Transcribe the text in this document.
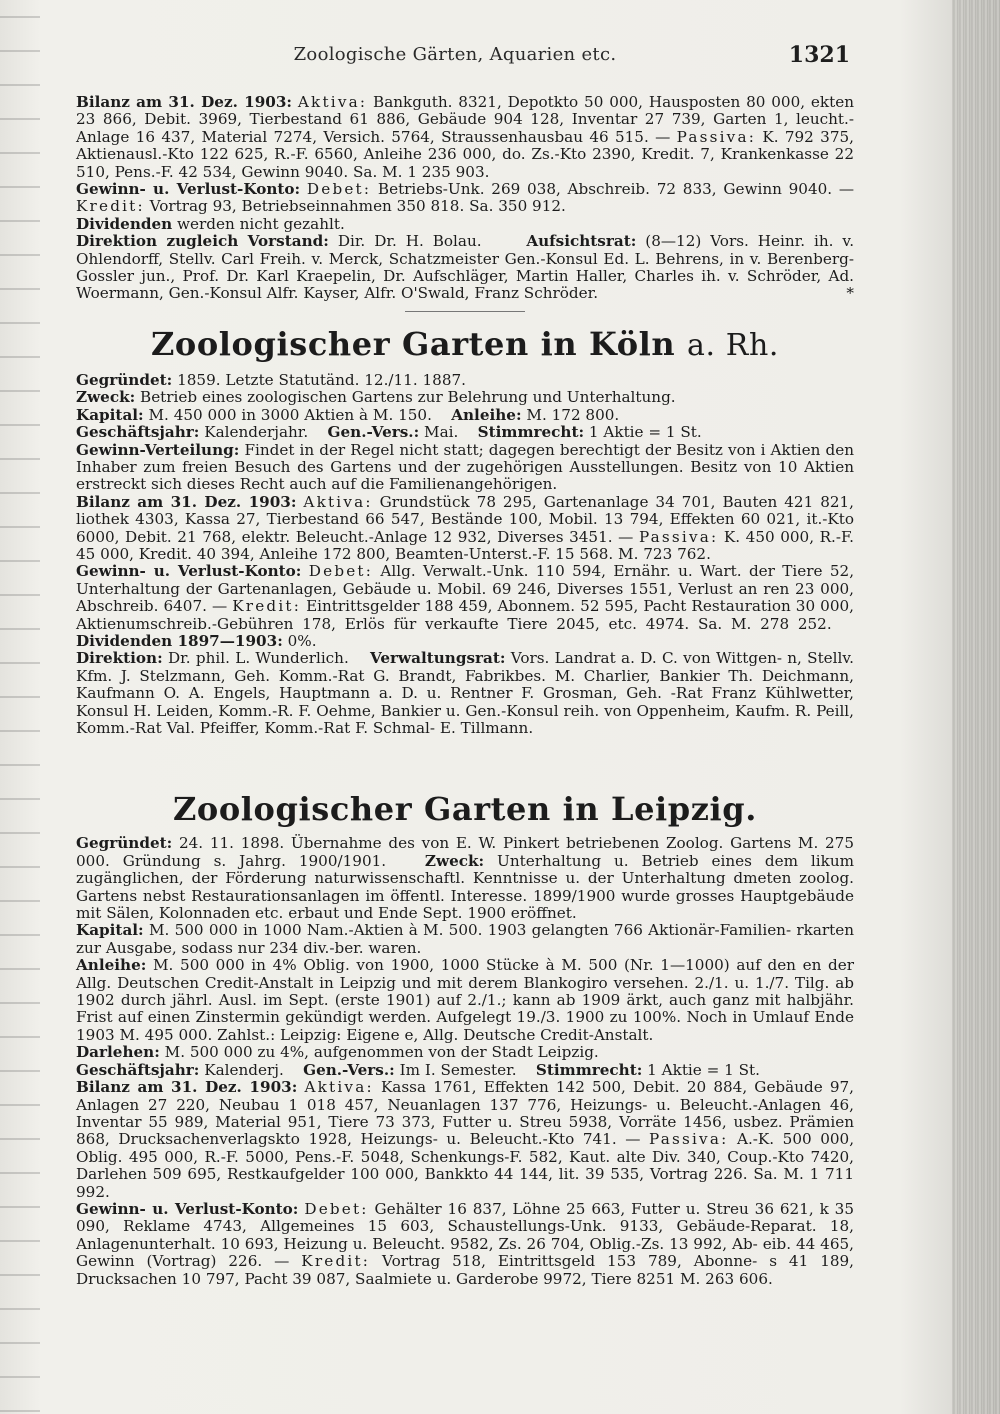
Zoologische Gärten, Aquarien etc.	1321

Bilanz am 31. Dez. 1903: Aktiva: Bankguth. 8321, Depotkto 50 000, Hausposten 80 000, ekten 23 866, Debit. 3969, Tierbestand 61 886, Gebäude 904 128, Inventar 27 739, Garten 1, leucht.-Anlage 16 437, Material 7274, Versich. 5764, Straussenhausbau 46 515. — Passiva: K. 792 375, Aktienausl.-Kto 122 625, R.-F. 6560, Anleihe 236 000, do. Zs.-Kto 2390, Kredit. 7, Krankenkasse 22 510, Pens.-F. 42 534, Gewinn 9040. Sa. M. 1 235 903.

Gewinn- u. Verlust-Konto: Debet: Betriebs-Unk. 269 038, Abschreib. 72 833, Gewinn 9040. — Kredit: Vortrag 93, Betriebseinnahmen 350 818. Sa. 350 912.

Dividenden werden nicht gezahlt.

Direktion zugleich Vorstand: Dir. Dr. H. Bolau.	Aufsichtsrat: (8—12) Vors. Heinr. ih. v. Ohlendorff, Stellv. Carl Freih. v. Merck, Schatzmeister Gen.-Konsul Ed. L. Behrens, in v. Berenberg-Gossler jun., Prof. Dr. Karl Kraepelin, Dr. Aufschläger, Martin Haller, Charles ih. v. Schröder, Ad. Woermann, Gen.-Konsul Alfr. Kayser, Alfr. O'Swald, Franz Schröder.	*

Zoologischer Garten in Köln a. Rh.

Gegründet: 1859. Letzte Statutänd. 12./11. 1887.

Zweck: Betrieb eines zoologischen Gartens zur Belehrung und Unterhaltung.

Kapital: M. 450 000 in 3000 Aktien à M. 150. Anleihe: M. 172 800.

Geschäftsjahr: Kalenderjahr. Gen.-Vers.: Mai. Stimmrecht: 1 Aktie = 1 St.

Gewinn-Verteilung: Findet in der Regel nicht statt; dagegen berechtigt der Besitz von i Aktien den Inhaber zum freien Besuch des Gartens und der zugehörigen Ausstellungen. Besitz von 10 Aktien erstreckt sich dieses Recht auch auf die Familienangehörigen.

Bilanz am 31. Dez. 1903: Aktiva: Grundstück 78 295, Gartenanlage 34 701, Bauten 421 821, liothek 4303, Kassa 27, Tierbestand 66 547, Bestände 100, Mobil. 13 794, Effekten 60 021, it.-Kto 6000, Debit. 21 768, elektr. Beleucht.-Anlage 12 932, Diverses 3451. — Passiva: K. 450 000, R.-F. 45 000, Kredit. 40 394, Anleihe 172 800, Beamten-Unterst.-F. 15 568. M. 723 762.

Gewinn- u. Verlust-Konto: Debet: Allg. Verwalt.-Unk. 110 594, Ernähr. u. Wart. der Tiere 52, Unterhaltung der Gartenanlagen, Gebäude u. Mobil. 69 246, Diverses 1551, Verlust an ren 23 000, Abschreib. 6407. — Kredit: Eintrittsgelder 188 459, Abonnem. 52 595, Pacht Restauration 30 000, Aktienumschreib.-Gebühren 178, Erlös für verkaufte Tiere 2045, etc. 4974. Sa. M. 278 252.    Dividenden 1897—1903: 0%.

Direktion: Dr. phil. L. Wunderlich. Verwaltungsrat: Vors. Landrat a. D. C. von Wittgen- n, Stellv. Kfm. J. Stelzmann, Geh. Komm.-Rat G. Brandt, Fabrikbes. M. Charlier, Bankier Th. Deichmann, Kaufmann O. A. Engels, Hauptmann a. D. u. Rentner F. Grosman, Geh. -Rat Franz Kühlwetter, Konsul H. Leiden, Komm.-R. F. Oehme, Bankier u. Gen.-Konsul reih. von Oppenheim, Kaufm. R. Peill, Komm.-Rat Val. Pfeiffer, Komm.-Rat F. Schmal- E. Tillmann.

Zoologischer Garten in Leipzig.

Gegründet: 24. 11. 1898. Übernahme des von E. W. Pinkert betriebenen Zoolog. Gartens M. 275 000. Gründung s. Jahrg. 1900/1901.	Zweck: Unterhaltung u. Betrieb eines dem likum zugänglichen, der Förderung naturwissenschaftl. Kenntnisse u. der Unterhaltung dmeten zoolog. Gartens nebst Restaurationsanlagen im öffentl. Interesse. 1899/1900 wurde grosses Hauptgebäude mit Sälen, Kolonnaden etc. erbaut und Ende Sept. 1900 eröffnet.

Kapital: M. 500 000 in 1000 Nam.-Aktien à M. 500. 1903 gelangten 766 Aktionär-Familien- rkarten zur Ausgabe, sodass nur 234 div.-ber. waren.

Anleihe: M. 500 000 in 4% Oblig. von 1900, 1000 Stücke à M. 500 (Nr. 1—1000) auf den en der Allg. Deutschen Credit-Anstalt in Leipzig und mit derem Blankogiro versehen. 2./1. u. 1./7. Tilg. ab 1902 durch jährl. Ausl. im Sept. (erste 1901) auf 2./1.; kann ab 1909 ärkt, auch ganz mit halbjähr. Frist auf einen Zinstermin gekündigt werden. Aufgelegt 19./3. 1900 zu 100%. Noch in Umlauf Ende 1903 M. 495 000. Zahlst.: Leipzig: Eigene e, Allg. Deutsche Credit-Anstalt.

Darlehen: M. 500 000 zu 4%, aufgenommen von der Stadt Leipzig.

Geschäftsjahr: Kalenderj. Gen.-Vers.: Im I. Semester. Stimmrecht: 1 Aktie = 1 St.

Bilanz am 31. Dez. 1903: Aktiva: Kassa 1761, Effekten 142 500, Debit. 20 884, Gebäude 97, Anlagen 27 220, Neubau 1 018 457, Neuanlagen 137 776, Heizungs- u. Beleucht.-Anlagen 46, Inventar 55 989, Material 951, Tiere 73 373, Futter u. Streu 5938, Vorräte 1456, usbez. Prämien 868, Drucksachenverlagskto 1928, Heizungs- u. Beleucht.-Kto 741. — Passiva: A.-K. 500 000, Oblig. 495 000, R.-F. 5000, Pens.-F. 5048, Schenkungs-F. 582, Kaut. alte Div. 340, Coup.-Kto 7420, Darlehen 509 695, Restkaufgelder 100 000, Bankkto 44 144, lit. 39 535, Vortrag 226. Sa. M. 1 711 992.

Gewinn- u. Verlust-Konto: Debet: Gehälter 16 837, Löhne 25 663, Futter u. Streu 36 621, k 35 090, Reklame 4743, Allgemeines 15 603, Schaustellungs-Unk. 9133, Gebäude-Reparat. 18, Anlagenunterhalt. 10 693, Heizung u. Beleucht. 9582, Zs. 26 704, Oblig.-Zs. 13 992, Ab- eib. 44 465, Gewinn (Vortrag) 226. — Kredit: Vortrag 518, Eintrittsgeld 153 789, Abonne- s 41 189, Drucksachen 10 797, Pacht 39 087, Saalmiete u. Garderobe 9972, Tiere 8251 M. 263 606.
